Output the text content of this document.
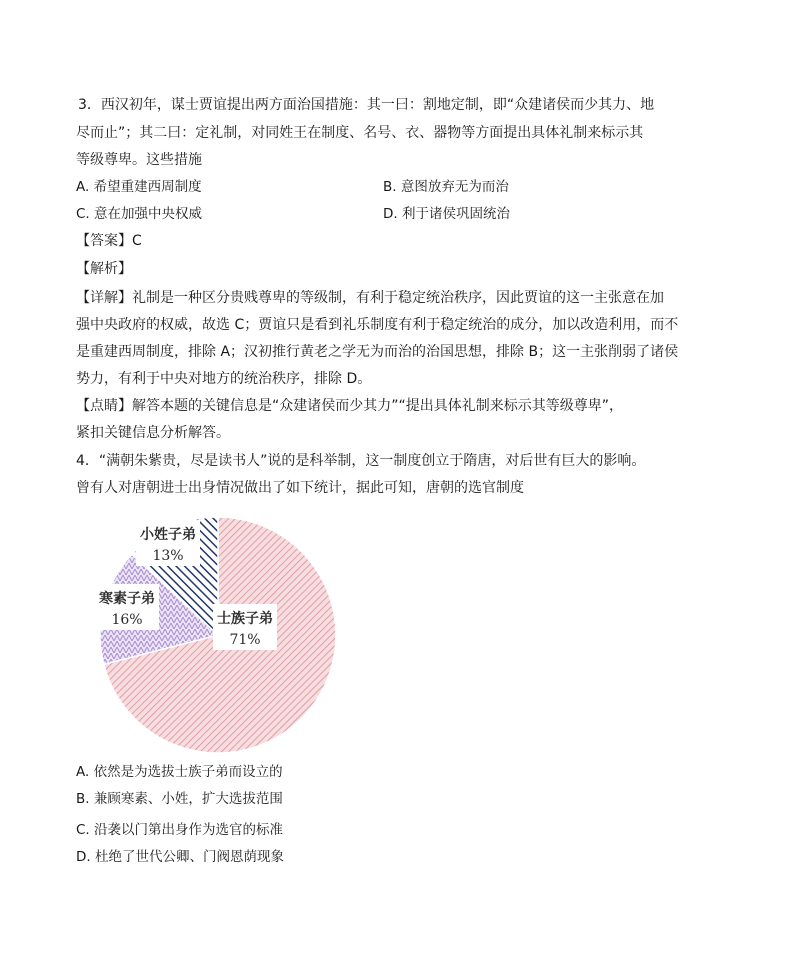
3．西汉初年，谋士贾谊提出两方面治国措施：其一曰：割地定制，即“众建诸侯而少其力、地
尽而止”；其二曰：定礼制，对同姓王在制度、名号、衣、器物等方面提出具体礼制来标示其
等级尊卑。这些措施
A. 希望重建西周制度	B. 意图放弃无为而治
C. 意在加强中央权威	D. 利于诸侯巩固统治
【答案】C
【解析】
【详解】礼制是一种区分贵贱尊卑的等级制，有利于稳定统治秩序，因此贾谊的这一主张意在加
强中央政府的权威，故选 C；贾谊只是看到礼乐制度有利于稳定统治的成分，加以改造利用，而不
是重建西周制度，排除 A；汉初推行黄老之学无为而治的治国思想，排除 B；这一主张削弱了诸侯
势力，有利于中央对地方的统治秩序，排除 D。
【点睛】解答本题的关键信息是“众建诸侯而少其力”“提出具体礼制来标示其等级尊卑”，
紧扣关键信息分析解答。
4．“满朝朱紫贵，尽是读书人”说的是科举制，这一制度创立于隋唐，对后世有巨大的影响。
曾有人对唐朝进士出身情况做出了如下统计，据此可知，唐朝的选官制度
士族子弟
71%
寒素子弟
16%
小姓子弟
13%
A. 依然是为选拔士族子弟而设立的
B. 兼顾寒素、小姓，扩大选拔范围
C. 沿袭以门第出身作为选官的标准
D. 杜绝了世代公卿、门阀恩荫现象
